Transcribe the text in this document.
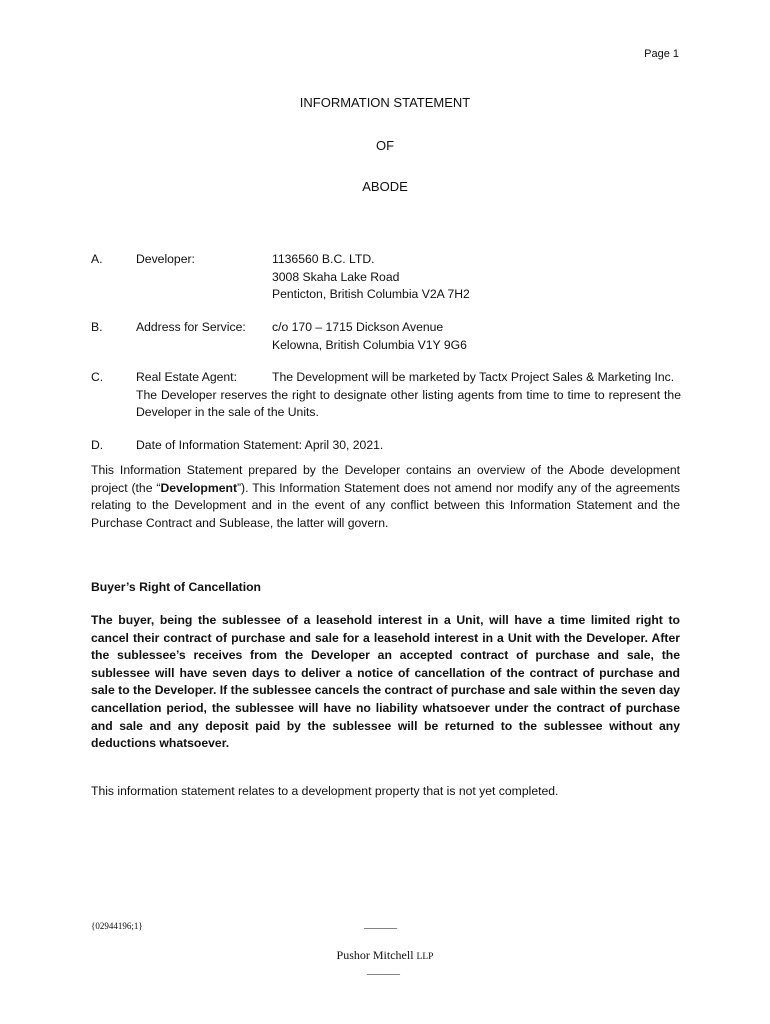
Page 1
INFORMATION STATEMENT
OF
ABODE
A.	Developer:	1136560 B.C. LTD.
3008 Skaha Lake Road
Penticton, British Columbia V2A 7H2
B.	Address for Service: c/o 170 – 1715 Dickson Avenue
Kelowna, British Columbia V1Y 9G6
C.	Real Estate Agent:	The Development will be marketed by Tactx Project Sales & Marketing Inc.
The Developer reserves the right to designate other listing agents from time to time to represent the Developer in the sale of the Units.
D.	Date of Information Statement: April 30, 2021.
This Information Statement prepared by the Developer contains an overview of the Abode development project (the “Development”). This Information Statement does not amend nor modify any of the agreements relating to the Development and in the event of any conflict between this Information Statement and the Purchase Contract and Sublease, the latter will govern.
Buyer’s Right of Cancellation
The buyer, being the sublessee of a leasehold interest in a Unit, will have a time limited right to cancel their contract of purchase and sale for a leasehold interest in a Unit with the Developer. After the sublessee’s receives from the Developer an accepted contract of purchase and sale, the sublessee will have seven days to deliver a notice of cancellation of the contract of purchase and sale to the Developer. If the sublessee cancels the contract of purchase and sale within the seven day cancellation period, the sublessee will have no liability whatsoever under the contract of purchase and sale and any deposit paid by the sublessee will be returned to the sublessee without any deductions whatsoever.
This information statement relates to a development property that is not yet completed.
{02944196;1}	______
Pushor Mitchell LLP
______
